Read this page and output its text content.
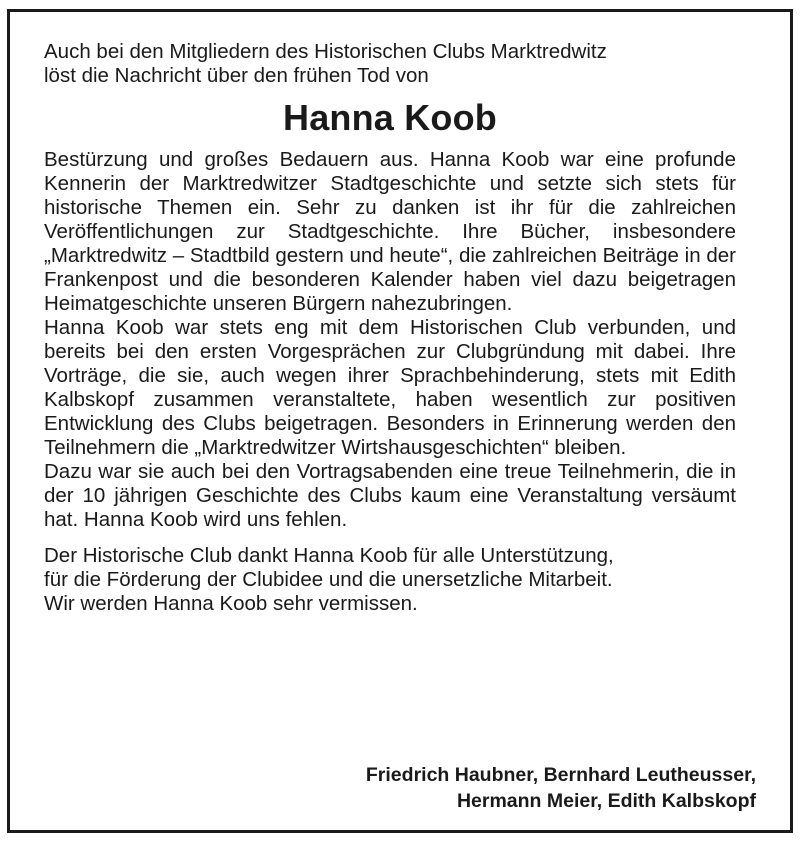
Auch bei den Mitgliedern des Historischen Clubs Marktredwitz
löst die Nachricht über den frühen Tod von

Hanna Koob

Bestürzung und großes Bedauern aus. Hanna Koob war eine profunde Kennerin der Marktredwitzer Stadtgeschichte und setzte sich stets für historische Themen ein. Sehr zu danken ist ihr für die zahlreichen Veröffentlichungen zur Stadtgeschichte. Ihre Bücher, insbesondere „Marktredwitz – Stadtbild gestern und heute“, die zahlreichen Beiträge in der Frankenpost und die besonderen Kalender haben viel dazu beigetragen Heimatgeschichte unseren Bürgern nahezubringen.

Hanna Koob war stets eng mit dem Historischen Club verbunden, und bereits bei den ersten Vorgesprächen zur Clubgründung mit dabei. Ihre Vorträge, die sie, auch wegen ihrer Sprachbehinderung, stets mit Edith Kalbskopf zusammen veranstaltete, haben wesentlich zur positiven Entwicklung des Clubs beigetragen. Besonders in Erinnerung werden den Teilnehmern die „Marktredwitzer Wirtshausgeschichten“ bleiben.

Dazu war sie auch bei den Vortragsabenden eine treue Teilnehmerin, die in der 10 jährigen Geschichte des Clubs kaum eine Veranstaltung versäumt hat. Hanna Koob wird uns fehlen.

Der Historische Club dankt Hanna Koob für alle Unterstützung,
für die Förderung der Clubidee und die unersetzliche Mitarbeit.
Wir werden Hanna Koob sehr vermissen.

Friedrich Haubner, Bernhard Leutheusser,
Hermann Meier, Edith Kalbskopf
